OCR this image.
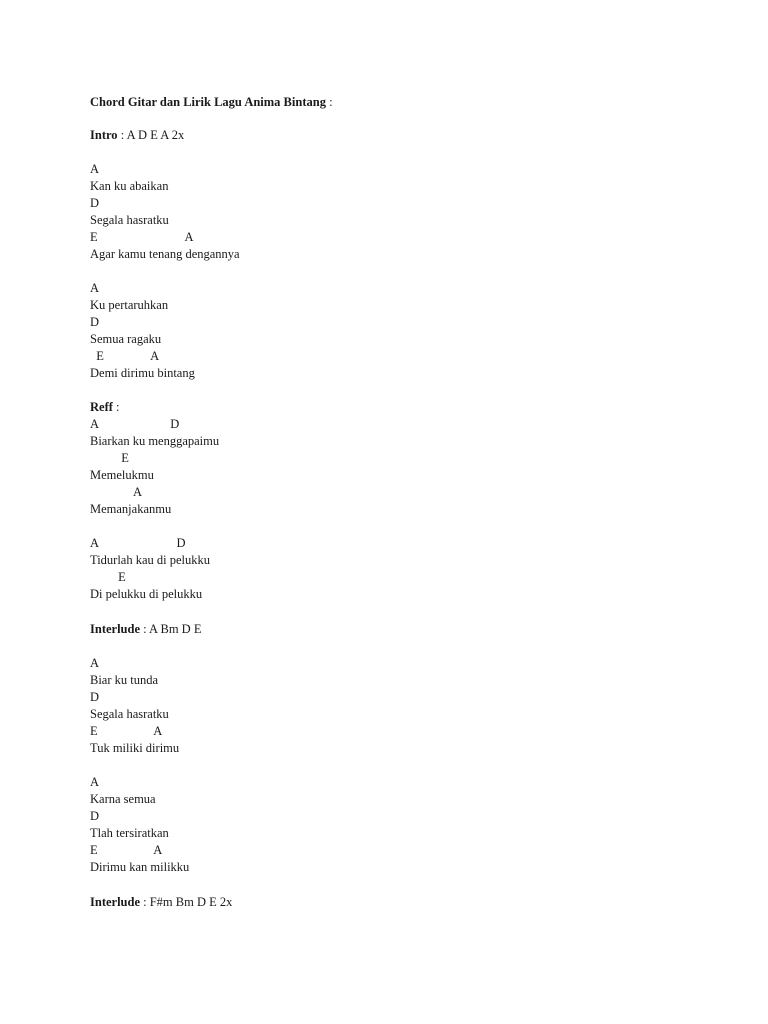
Chord Gitar dan Lirik Lagu Anima Bintang :
Intro : A D E A 2x
A
Kan ku abaikan
D
Segala hasratku
E                            A
Agar kamu tenang dengannya
A
Ku pertaruhkan
D
Semua ragaku
E               A
Demi dirimu bintang
Reff :
A                       D
Biarkan ku menggapaimu
E
Memelukmu
A
Memanjakanmu
A                         D
Tidurlah kau di pelukku
E
Di pelukku di pelukku
Interlude : A Bm D E
A
Biar ku tunda
D
Segala hasratku
E                  A
Tuk miliki dirimu
A
Karna semua
D
Tlah tersiratkan
E                  A
Dirimu kan milikku
Interlude : F#m Bm D E 2x
